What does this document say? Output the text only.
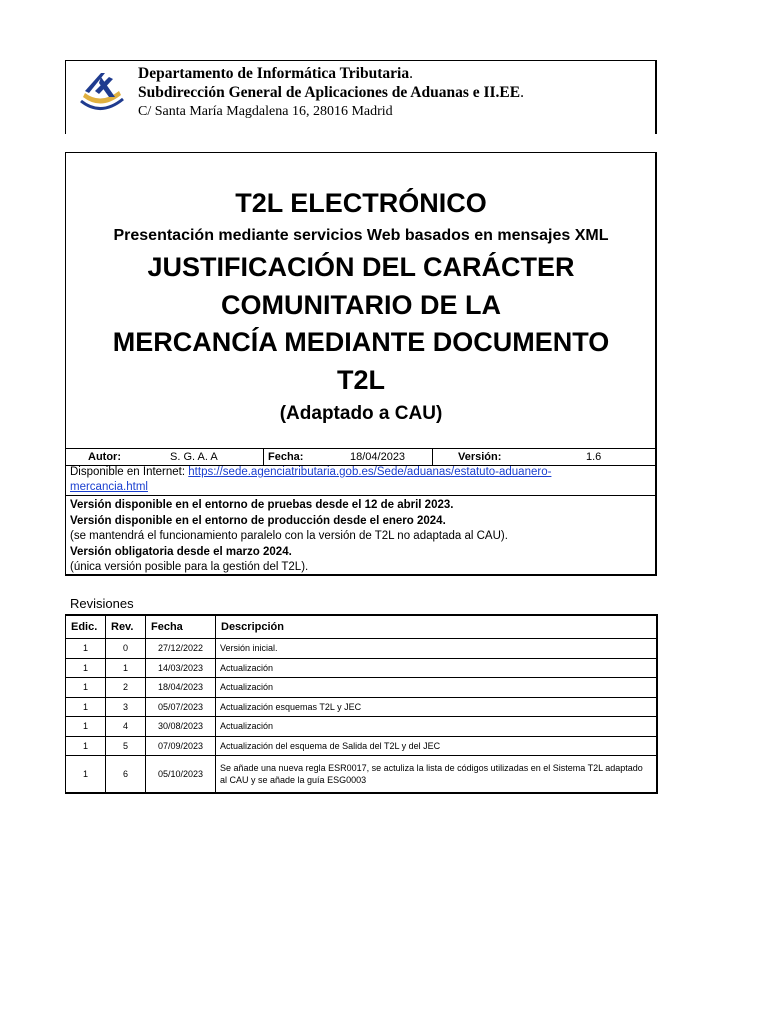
Departamento de Informática Tributaria.
Subdirección General de Aplicaciones de Aduanas e II.EE.
C/ Santa María Magdalena 16, 28016 Madrid
T2L ELECTRÓNICO
Presentación mediante servicios Web basados en mensajes XML
JUSTIFICACIÓN DEL CARÁCTER
COMUNITARIO DE LA
MERCANCÍA MEDIANTE DOCUMENTO
T2L
(Adaptado a CAU)
Autor:	S. G. A. A	Fecha:	18/04/2023	Versión:	1.6
Disponible en Internet: https://sede.agenciatributaria.gob.es/Sede/aduanas/estatuto-aduanero-
mercancia.html
Versión disponible en el entorno de pruebas desde el 12 de abril 2023.
Versión disponible en el entorno de producción desde el enero 2024.
(se mantendrá el funcionamiento paralelo con la versión de T2L no adaptada al CAU).
Versión obligatoria desde el marzo 2024.
(única versión posible para la gestión del T2L).
Revisiones
Edic.	Rev.	Fecha	Descripción
1	0	27/12/2022	Versión inicial.
1	1	14/03/2023	Actualización
1	2	18/04/2023	Actualización
1	3	05/07/2023	Actualización esquemas T2L y JEC
1	4	30/08/2023	Actualización
1	5	07/09/2023	Actualización del esquema de Salida del T2L y del JEC
1	6	05/10/2023	Se añade una nueva regla ESR0017, se actuliza la lista de códigos utilizadas en el Sistema T2L adaptado al CAU y se añade la guía ESG0003
